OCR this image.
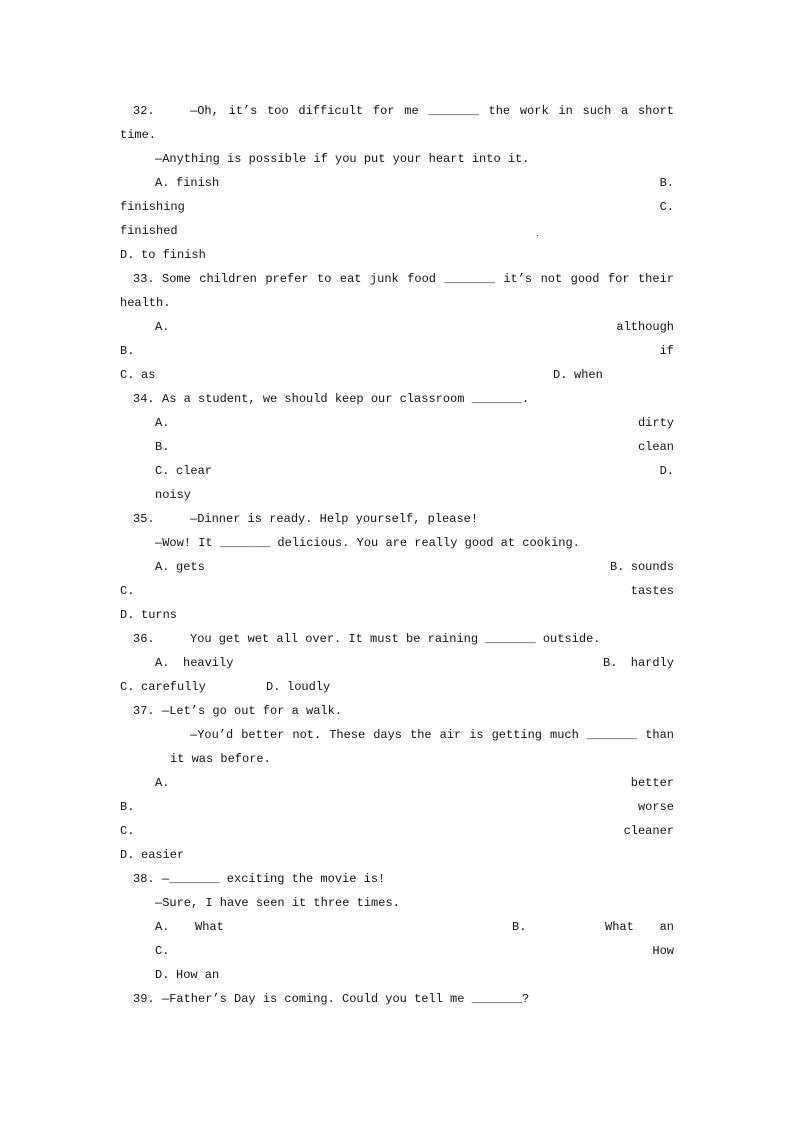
32.	—Oh, it’s too difficult for me _______ the work in such a short
time.
—Anything is possible if you put your heart into it.
A. finish	B.
finishing	C.
finished
D. to finish
33. Some children prefer to eat junk food _______ it’s not good for their
health.
A.	although
B.	if
C. as	D. when
34. As a student, we should keep our classroom _______.
A.	dirty
B.	clean
C. clear	D.
noisy
35.	—Dinner is ready. Help yourself, please!
—Wow! It _______ delicious. You are really good at cooking.
A. gets	B. sounds
C.	tastes
D. turns
36.	You get wet all over. It must be raining _______ outside.
A. heavily	B. hardly
C. carefully	D. loudly
37. —Let’s go out for a walk.
—You’d better not. These days the air is getting much _______ than
it was before.
A.	better
B.	worse
C.	cleaner
D. easier
38. —_______ exciting the movie is!
—Sure, I have seen it three times.
A. What	B.	What an
C.	How
D. How an
39. —Father’s Day is coming. Could you tell me _______?
